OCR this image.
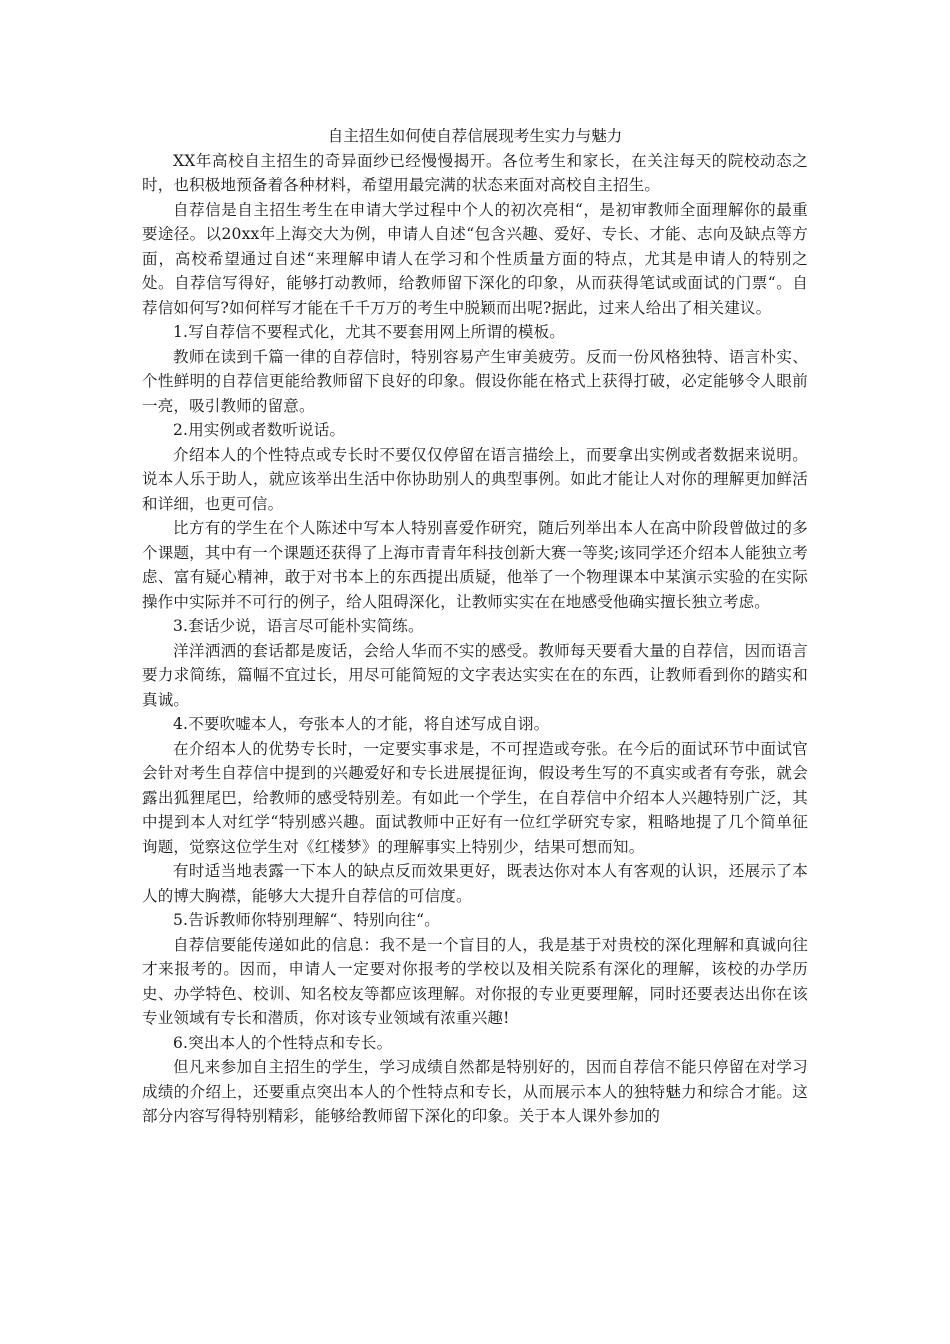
自主招生如何使自荐信展现考生实力与魅力

XX年高校自主招生的奇异面纱已经慢慢揭开。各位考生和家长，在关注每天的院校动态之时，也积极地预备着各种材料，希望用最完满的状态来面对高校自主招生。

自荐信是自主招生考生在申请大学过程中个人的初次亮相“，是初审教师全面理解你的最重要途径。以20xx年上海交大为例，申请人自述“包含兴趣、爱好、专长、才能、志向及缺点等方面，高校希望通过自述“来理解申请人在学习和个性质量方面的特点，尤其是申请人的特别之处。自荐信写得好，能够打动教师，给教师留下深化的印象，从而获得笔试或面试的门票“。自荐信如何写?如何样写才能在千千万万的考生中脱颖而出呢?据此，过来人给出了相关建议。

1.写自荐信不要程式化，尤其不要套用网上所谓的模板。

教师在读到千篇一律的自荐信时，特别容易产生审美疲劳。反而一份风格独特、语言朴实、个性鲜明的自荐信更能给教师留下良好的印象。假设你能在格式上获得打破，必定能够令人眼前一亮，吸引教师的留意。

2.用实例或者数听说话。

介绍本人的个性特点或专长时不要仅仅停留在语言描绘上，而要拿出实例或者数据来说明。说本人乐于助人，就应该举出生活中你协助别人的典型事例。如此才能让人对你的理解更加鲜活和详细，也更可信。

比方有的学生在个人陈述中写本人特别喜爱作研究，随后列举出本人在高中阶段曾做过的多个课题，其中有一个课题还获得了上海市青青年科技创新大赛一等奖;该同学还介绍本人能独立考虑、富有疑心精神，敢于对书本上的东西提出质疑，他举了一个物理课本中某演示实验的在实际操作中实际并不可行的例子，给人阻碍深化，让教师实实在在地感受他确实擅长独立考虑。

3.套话少说，语言尽可能朴实简练。

洋洋洒洒的套话都是废话，会给人华而不实的感受。教师每天要看大量的自荐信，因而语言要力求简练，篇幅不宜过长，用尽可能简短的文字表达实实在在的东西，让教师看到你的踏实和真诚。

4.不要吹嘘本人，夸张本人的才能，将自述写成自诩。

在介绍本人的优势专长时，一定要实事求是，不可捏造或夸张。在今后的面试环节中面试官会针对考生自荐信中提到的兴趣爱好和专长进展提征询，假设考生写的不真实或者有夸张，就会露出狐狸尾巴，给教师的感受特别差。有如此一个学生，在自荐信中介绍本人兴趣特别广泛，其中提到本人对红学“特别感兴趣。面试教师中正好有一位红学研究专家，粗略地提了几个简单征询题，觉察这位学生对《红楼梦》的理解事实上特别少，结果可想而知。

有时适当地表露一下本人的缺点反而效果更好，既表达你对本人有客观的认识，还展示了本人的博大胸襟，能够大大提升自荐信的可信度。

5.告诉教师你特别理解“、特别向往“。

自荐信要能传递如此的信息：我不是一个盲目的人，我是基于对贵校的深化理解和真诚向往才来报考的。因而，申请人一定要对你报考的学校以及相关院系有深化的理解，该校的办学历史、办学特色、校训、知名校友等都应该理解。对你报的专业更要理解，同时还要表达出你在该专业领域有专长和潜质，你对该专业领域有浓重兴趣!

6.突出本人的个性特点和专长。

但凡来参加自主招生的学生，学习成绩自然都是特别好的，因而自荐信不能只停留在对学习成绩的介绍上，还要重点突出本人的个性特点和专长，从而展示本人的独特魅力和综合才能。这部分内容写得特别精彩，能够给教师留下深化的印象。关于本人课外参加的
